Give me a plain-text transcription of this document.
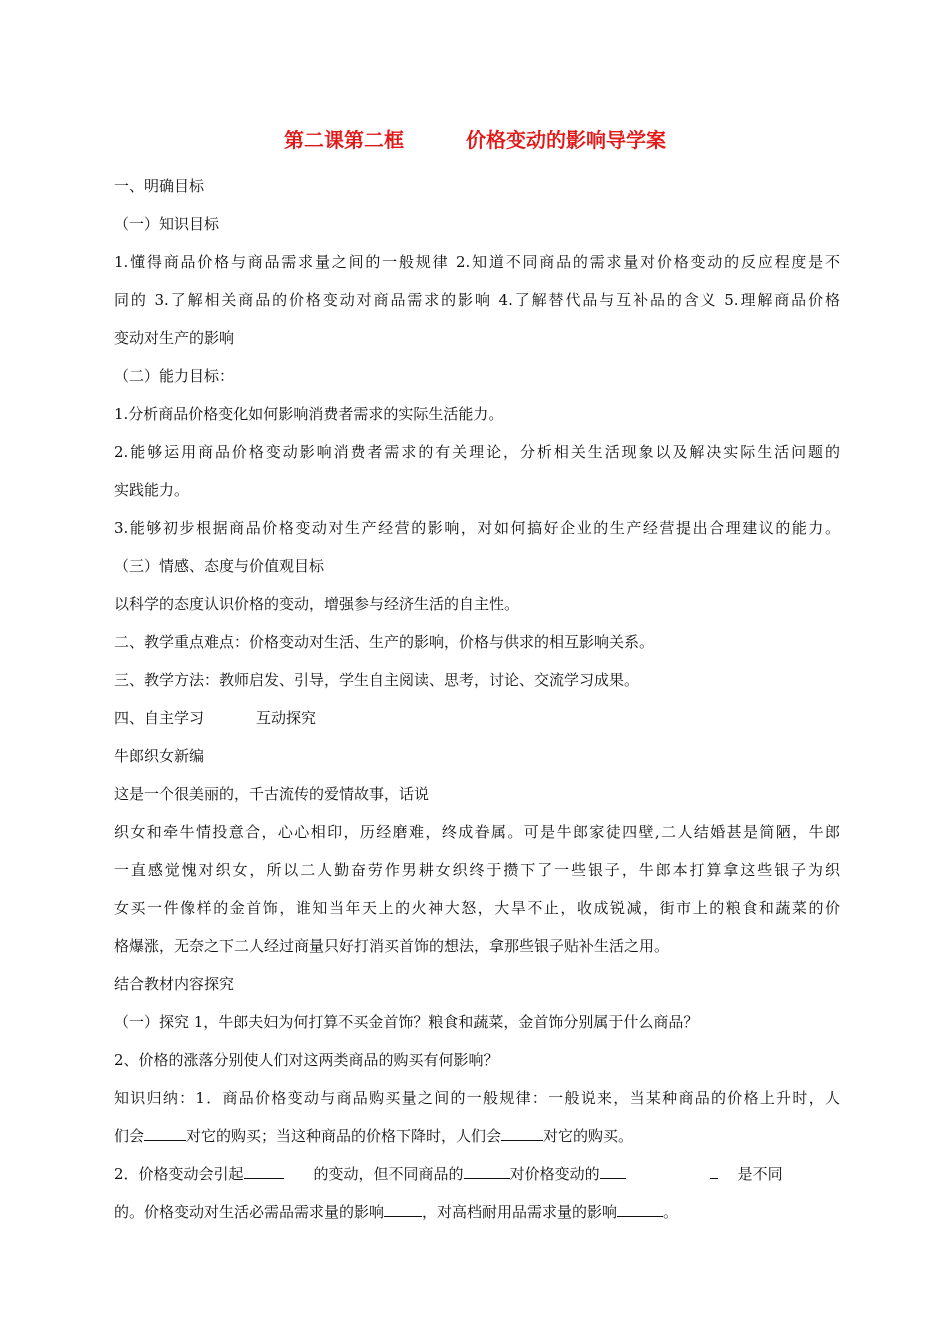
第二课第二框	价格变动的影响导学案
一、明确目标
（一）知识目标
1.懂得商品价格与商品需求量之间的一般规律 2.知道不同商品的需求量对价格变动的反应程度是不
同的 3.了解相关商品的价格变动对商品需求的影响 4.了解替代品与互补品的含义 5.理解商品价格
变动对生产的影响
（二）能力目标：
1.分析商品价格变化如何影响消费者需求的实际生活能力。
2.能够运用商品价格变动影响消费者需求的有关理论，分析相关生活现象以及解决实际生活问题的
实践能力。
3.能够初步根据商品价格变动对生产经营的影响，对如何搞好企业的生产经营提出合理建议的能力。
（三）情感、态度与价值观目标
以科学的态度认识价格的变动，增强参与经济生活的自主性。
二、教学重点难点：价格变动对生活、生产的影响，价格与供求的相互影响关系。
三、教学方法：教师启发、引导，学生自主阅读、思考，讨论、交流学习成果。
四、自主学习	互动探究
牛郎织女新编
这是一个很美丽的，千古流传的爱情故事，话说
织女和牵牛情投意合，心心相印，历经磨难，终成眷属。可是牛郎家徒四壁,二人结婚甚是简陋，牛郎
一直感觉愧对织女，所以二人勤奋劳作男耕女织终于攒下了一些银子，牛郎本打算拿这些银子为织
女买一件像样的金首饰，谁知当年天上的火神大怒，大旱不止，收成锐减，街市上的粮食和蔬菜的价
格爆涨，无奈之下二人经过商量只好打消买首饰的想法，拿那些银子贴补生活之用。
结合教材内容探究
（一）探究 1，牛郎夫妇为何打算不买金首饰？粮食和蔬菜，金首饰分别属于什么商品？
2、价格的涨落分别使人们对这两类商品的购买有何影响？
知识归纳：1．商品价格变动与商品购买量之间的一般规律：一般说来，当某种商品的价格上升时，人
们会	对它的购买；当这种商品的价格下降时，人们会	对它的购买。
2．价格变动会引起	的变动，但不同商品的	对价格变动的	是不同
的。价格变动对生活必需品需求量的影响	，对高档耐用品需求量的影响	。
